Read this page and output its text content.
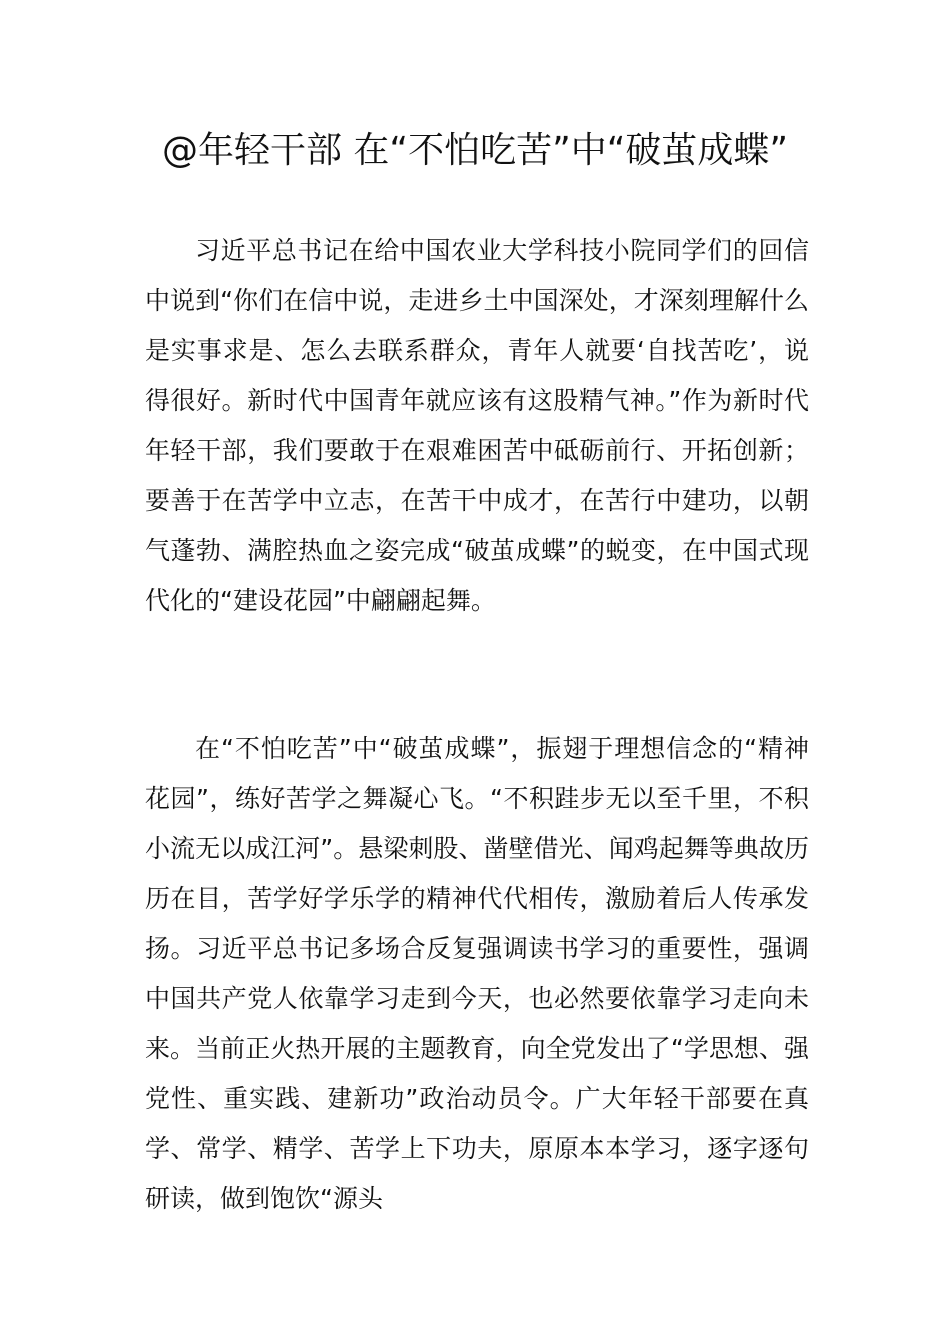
@年轻干部 在“不怕吃苦”中“破茧成蝶”

习近平总书记在给中国农业大学科技小院同学们的回信中说到“你们在信中说，走进乡土中国深处，才深刻理解什么是实事求是、怎么去联系群众，青年人就要‘自找苦吃’，说得很好。新时代中国青年就应该有这股精气神。”作为新时代年轻干部，我们要敢于在艰难困苦中砥砺前行、开拓创新；要善于在苦学中立志，在苦干中成才，在苦行中建功，以朝气蓬勃、满腔热血之姿完成“破茧成蝶”的蜕变，在中国式现代化的“建设花园”中翩翩起舞。

在“不怕吃苦”中“破茧成蝶”，振翅于理想信念的“精神花园”，练好苦学之舞凝心飞。“不积跬步无以至千里，不积小流无以成江河”。悬梁刺股、凿壁借光、闻鸡起舞等典故历历在目，苦学好学乐学的精神代代相传，激励着后人传承发扬。习近平总书记多场合反复强调读书学习的重要性，强调中国共产党人依靠学习走到今天，也必然要依靠学习走向未来。当前正火热开展的主题教育，向全党发出了“学思想、强党性、重实践、建新功”政治动员令。广大年轻干部要在真学、常学、精学、苦学上下功夫，原原本本学习，逐字逐句研读，做到饱饮“源头
